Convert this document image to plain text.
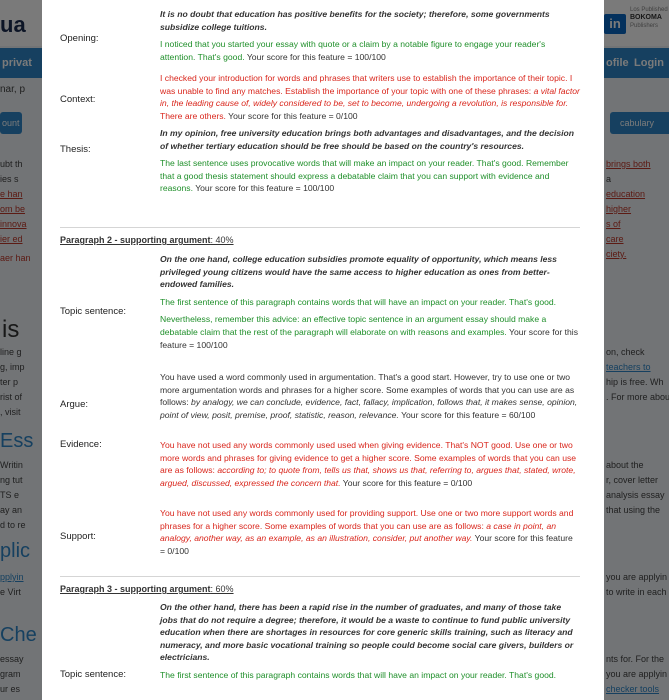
Opening:

It is no doubt that education has positive benefits for the society; therefore, some governments subsidize college tuitions.

I noticed that you started your essay with quote or a claim by a notable figure to engage your reader's attention. That's good. Your score for this feature = 100/100

Context:

I checked your introduction for words and phrases that writers use to establish the importance of their topic. I was unable to find any matches. Establish the importance of your topic with one of these phrases: a vital factor in, the leading cause of, widely considered to be, set to become, undergoing a revolution, is responsible for. There are others. Your score for this feature = 0/100

Thesis:

In my opinion, free university education brings both advantages and disadvantages, and the decision of whether tertiary education should be free should be based on the country's resources.

The last sentence uses provocative words that will make an impact on your reader. That's good. Remember that a good thesis statement should express a debatable claim that you can support with evidence and reasons. Your score for this feature = 100/100

Paragraph 2 - supporting argument: 40%
Topic sentence:

On the one hand, college education subsidies promote equality of opportunity, which means less privileged young citizens would have the same access to higher education as ones from better-endowed families.

The first sentence of this paragraph contains words that will have an impact on your reader. That's good.

Nevertheless, remember this advice: an effective topic sentence in an argument essay should make a debatable claim that the rest of the paragraph will elaborate on with reasons and examples. Your score for this feature = 100/100

Argue:

You have used a word commonly used in argumentation. That's a good start. However, try to use one or two more argumentation words and phrases for a higher score. Some examples of words that you can use are as follows: by analogy, we can conclude, evidence, fact, fallacy, implication, follows that, it makes sense, opinion, point of view, posit, premise, proof, statistic, reason, relevance. Your score for this feature = 60/100

Evidence:	You have not used any words commonly used used when giving evidence. That's NOT good. Use one or two more words and phrases for giving evidence to get a higher score. Some examples of words that you can use are as follows: according to; to quote from, tells us that, shows us that, referring to, argues that, stated, wrote, argued, discussed, expressed the concern that. Your score for this feature = 0/100

Support:

You have not used any words commonly used for providing support. Use one or two more support words and phrases for a higher score. Some examples of words that you can use are as follows: a case in point, an analogy, another way, as an example, as an illustration, consider, put another way. Your score for this feature = 0/100

Paragraph 3 - supporting argument: 60%
Topic sentence:

On the other hand, there has been a rapid rise in the number of graduates, and many of those take jobs that do not require a degree; therefore, it would be a waste to continue to fund public university education when there are shortages in resources for core generic skills training, such as literacy and numeracy, and more basic vocational training so people could become social care givers, builders or electricians.

The first sentence of this paragraph contains words that will have an impact on your reader. That's good.
